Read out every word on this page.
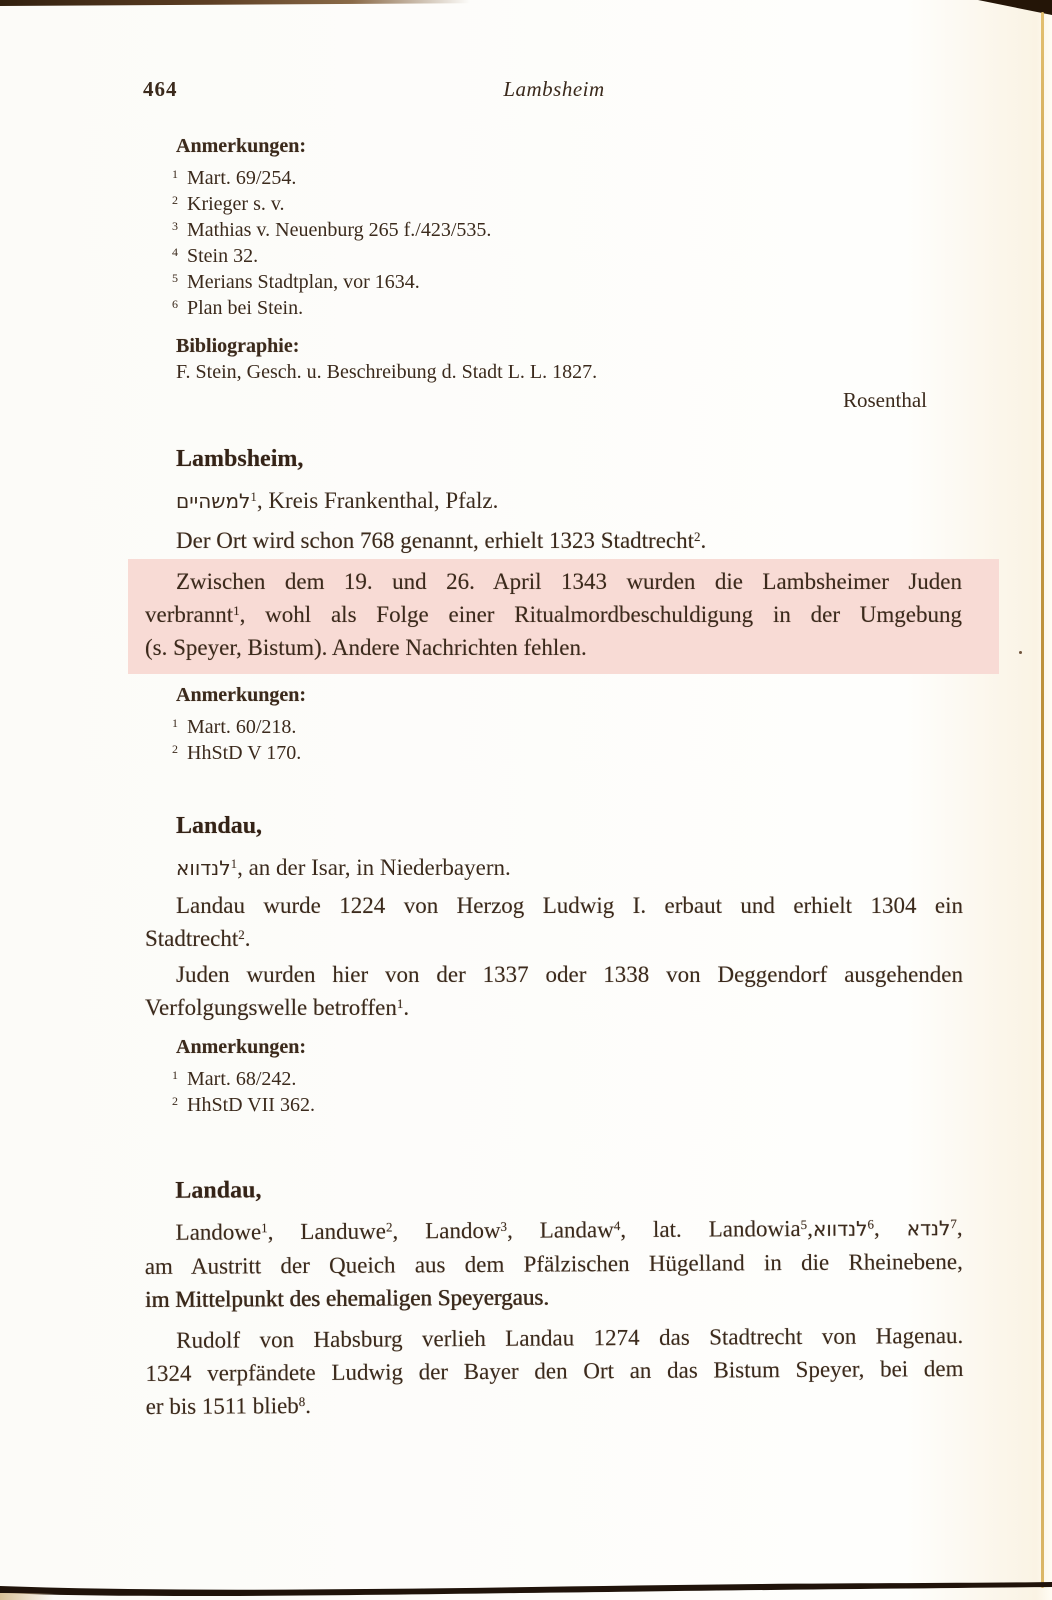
464	Lambsheim
Anmerkungen:
$^1$ Mart. 69/254.
$^2$ Krieger s. v.
$^3$ Mathias v. Neuenburg 265 f./423/535.
$^4$ Stein 32.
$^5$ Merians Stadtplan, vor 1634.
$^6$ Plan bei Stein.
Bibliographie:
F. Stein, Gesch. u. Beschreibung d. Stadt L. L. 1827.
Rosenthal
Lambsheim,
למשהיים$^1$, Kreis Frankenthal, Pfalz.
Der Ort wird schon 768 genannt, erhielt 1323 Stadtrecht$^2$.
Zwischen dem 19. und 26. April 1343 wurden die Lambsheimer Juden
verbrannt$^1$, wohl als Folge einer Ritualmordbeschuldigung in der Umgebung
(s. Speyer, Bistum). Andere Nachrichten fehlen.
Anmerkungen:
$^1$ Mart. 60/218.
$^2$ HhStD V 170.
Landau,
לנדווא$^1$, an der Isar, in Niederbayern.
Landau wurde 1224 von Herzog Ludwig I. erbaut und erhielt 1304 ein
Stadtrecht$^2$.
Juden wurden hier von der 1337 oder 1338 von Deggendorf ausgehenden
Verfolgungswelle betroffen$^1$.
Anmerkungen:
$^1$ Mart. 68/242.
$^2$ HhStD VII 362.
Landau,
Landowe$^1$, Landuwe$^2$, Landow$^3$, Landaw$^4$, lat. Landowia$^5$,לנדווא$^6$, לנדא$^7$,
am Austritt der Queich aus dem Pfälzischen Hügelland in die Rheinebene,
im Mittelpunkt des ehemaligen Speyergaus.
Rudolf von Habsburg verlieh Landau 1274 das Stadtrecht von Hagenau.
1324 verpfändete Ludwig der Bayer den Ort an das Bistum Speyer, bei dem
er bis 1511 blieb$^8$.
